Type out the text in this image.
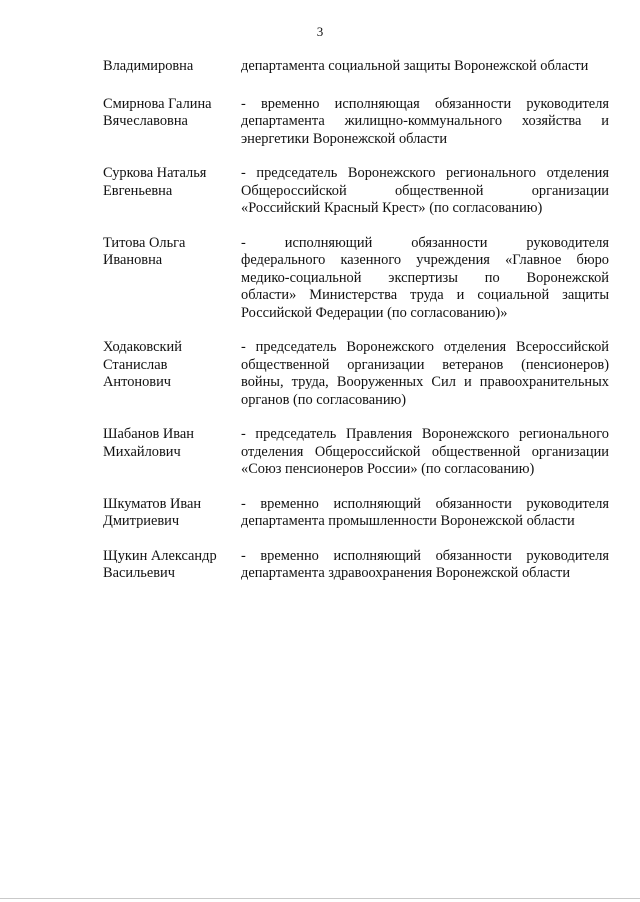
3
Владимировна	департамента социальной защиты Воронежской области
Смирнова Галина
Вячеславовна
- временно исполняющая обязанности руководителя
департамента жилищно-коммунального хозяйства и
энергетики Воронежской области
Суркова Наталья
Евгеньевна
- председатель Воронежского регионального отделения
Общероссийской общественной организации
«Российский Красный Крест» (по согласованию)
Титова Ольга
Ивановна
- исполняющий обязанности руководителя
федерального казенного учреждения «Главное бюро
медико-социальной экспертизы по Воронежской
области» Министерства труда и социальной защиты
Российской Федерации (по согласованию)»
Ходаковский
Станислав
Антонович
- председатель Воронежского отделения Всероссийской
общественной организации ветеранов (пенсионеров)
войны, труда, Вооруженных Сил и правоохранительных
органов (по согласованию)
Шабанов Иван
Михайлович
- председатель Правления Воронежского регионального
отделения Общероссийской общественной организации
«Союз пенсионеров России» (по согласованию)
Шкуматов Иван
Дмитриевич
- временно исполняющий обязанности руководителя
департамента промышленности Воронежской области
Щукин Александр
Васильевич
- временно исполняющий обязанности руководителя
департамента здравоохранения Воронежской области
